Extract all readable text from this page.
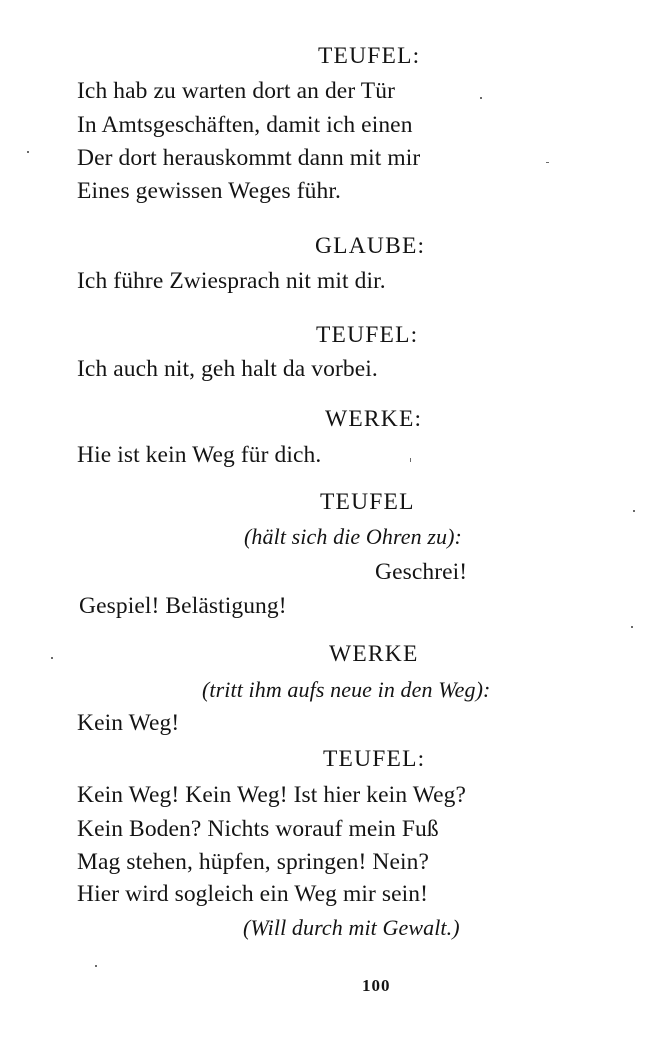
TEUFEL:
Ich hab zu warten dort an der Tür
In Amtsgeschäften, damit ich einen
Der dort herauskommt dann mit mir
Eines gewissen Weges führ.
GLAUBE:
Ich führe Zwiesprach nit mit dir.
TEUFEL:
Ich auch nit, geh halt da vorbei.
WERKE:
Hie ist kein Weg für dich.
TEUFEL
(hält sich die Ohren zu):
Geschrei!
Gespiel! Belästigung!
WERKE
(tritt ihm aufs neue in den Weg):
Kein Weg!
TEUFEL:
Kein Weg! Kein Weg! Ist hier kein Weg?
Kein Boden? Nichts worauf mein Fuß
Mag stehen, hüpfen, springen! Nein?
Hier wird sogleich ein Weg mir sein!
(Will durch mit Gewalt.)
100
